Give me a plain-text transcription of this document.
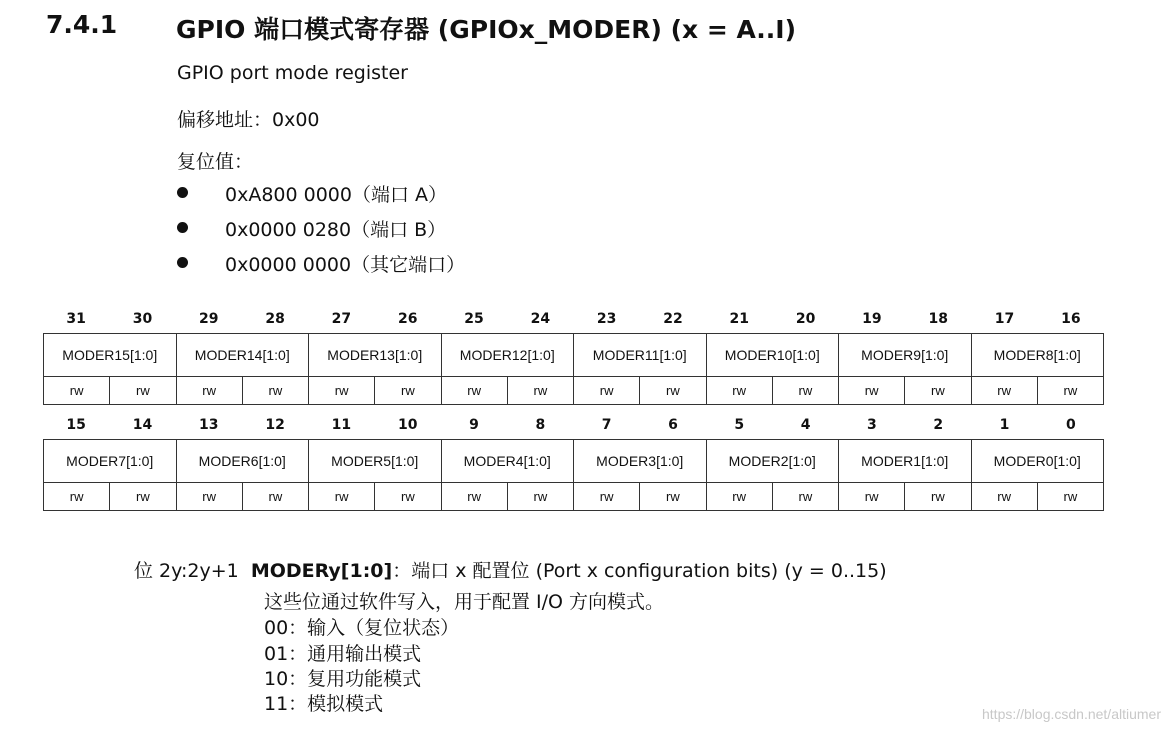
7.4.1 GPIO 端口模式寄存器 (GPIOx_MODER) (x = A..I)
GPIO port mode register
偏移地址：0x00
复位值：
0xA800 0000（端口 A）
0x0000 0280（端口 B）
0x0000 0000（其它端口）
31	30	29	28	27	26	25	24	23	22	21	20	19	18	17	16
MODER15[1:0]		MODER14[1:0]		MODER13[1:0]		MODER12[1:0]		MODER11[1:0]		MODER10[1:0]		MODER9[1:0]		MODER8[1:0]	
rw	rw	rw	rw	rw	rw	rw	rw	rw	rw	rw	rw	rw	rw	rw	rw
15	14	13	12	11	10	9	8	7	6	5	4	3	2	1	0
MODER7[1:0]		MODER6[1:0]		MODER5[1:0]		MODER4[1:0]		MODER3[1:0]		MODER2[1:0]		MODER1[1:0]		MODER0[1:0]	
rw	rw	rw	rw	rw	rw	rw	rw	rw	rw	rw	rw	rw	rw	rw	rw
位 2y:2y+1 MODERy[1:0]：端口 x 配置位 (Port x configuration bits) (y = 0..15)
这些位通过软件写入，用于配置 I/O 方向模式。
00：输入（复位状态）
01：通用输出模式
10：复用功能模式
11：模拟模式	https://blog.csdn.net/altiumer
